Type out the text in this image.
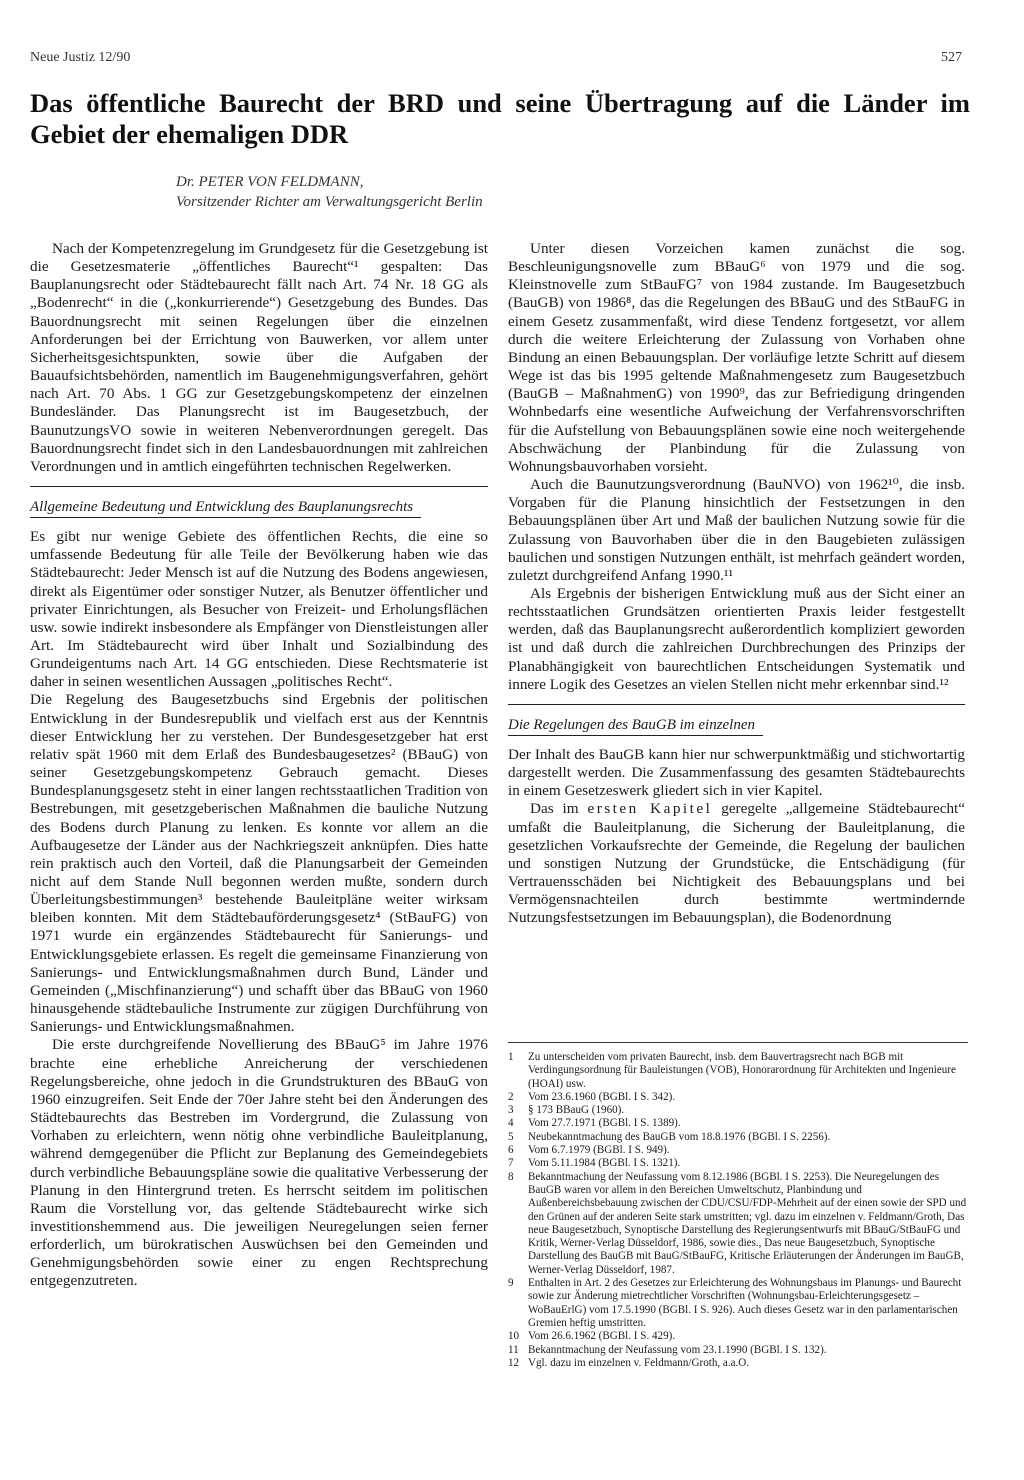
Neue Justiz 12/90	527
Das öffentliche Baurecht der BRD und seine Übertragung auf die Länder im Gebiet der ehemaligen DDR
Dr. PETER VON FELDMANN,
Vorsitzender Richter am Verwaltungsgericht Berlin

Nach der Kompetenzregelung im Grundgesetz für die Gesetzgebung ist die Gesetzesmaterie „öffentliches Baurecht“¹ gespalten: Das Bauplanungsrecht oder Städtebaurecht fällt nach Art. 74 Nr. 18 GG als „Bodenrecht“ in die („konkurrierende“) Gesetzgebung des Bundes. Das Bauordnungsrecht mit seinen Regelungen über die einzelnen Anforderungen bei der Errichtung von Bauwerken, vor allem unter Sicherheitsgesichtspunkten, sowie über die Aufgaben der Bauaufsichtsbehörden, namentlich im Baugenehmigungsverfahren, gehört nach Art. 70 Abs. 1 GG zur Gesetzgebungskompetenz der einzelnen Bundesländer. Das Planungsrecht ist im Baugesetzbuch, der BaunutzungsVO sowie in weiteren Nebenverordnungen geregelt. Das Bauordnungsrecht findet sich in den Landesbauordnungen mit zahlreichen Verordnungen und in amtlich eingeführten technischen Regelwerken.

Allgemeine Bedeutung und Entwicklung des Bauplanungsrechts

Es gibt nur wenige Gebiete des öffentlichen Rechts, die eine so umfassende Bedeutung für alle Teile der Bevölkerung haben wie das Städtebaurecht: Jeder Mensch ist auf die Nutzung des Bodens angewiesen, direkt als Eigentümer oder sonstiger Nutzer, als Benutzer öffentlicher und privater Einrichtungen, als Besucher von Freizeit- und Erholungsflächen usw. sowie indirekt insbesondere als Empfänger von Dienstleistungen aller Art. Im Städtebaurecht wird über Inhalt und Sozialbindung des Grundeigentums nach Art. 14 GG entschieden. Diese Rechtsmaterie ist daher in seinen wesentlichen Aussagen „politisches Recht“.

Die Regelung des Baugesetzbuchs sind Ergebnis der politischen Entwicklung in der Bundesrepublik und vielfach erst aus der Kenntnis dieser Entwicklung her zu verstehen. Der Bundesgesetzgeber hat erst relativ spät 1960 mit dem Erlaß des Bundesbaugesetzes² (BBauG) von seiner Gesetzgebungskompetenz Gebrauch gemacht. Dieses Bundesplanungsgesetz steht in einer langen rechtsstaatlichen Tradition von Bestrebungen, mit gesetzgeberischen Maßnahmen die bauliche Nutzung des Bodens durch Planung zu lenken. Es konnte vor allem an die Aufbaugesetze der Länder aus der Nachkriegszeit anknüpfen. Dies hatte rein praktisch auch den Vorteil, daß die Planungsarbeit der Gemeinden nicht auf dem Stande Null begonnen werden mußte, sondern durch Überleitungsbestimmungen³ bestehende Bauleitpläne weiter wirksam bleiben konnten. Mit dem Städtebauförderungsgesetz⁴ (StBauFG) von 1971 wurde ein ergänzendes Städtebaurecht für Sanierungs- und Entwicklungsgebiete erlassen. Es regelt die gemeinsame Finanzierung von Sanierungs- und Entwicklungsmaßnahmen durch Bund, Länder und Gemeinden („Mischfinanzierung“) und schafft über das BBauG von 1960 hinausgehende städtebauliche Instrumente zur zügigen Durchführung von Sanierungs- und Entwicklungsmaßnahmen.

Die erste durchgreifende Novellierung des BBauG⁵ im Jahre 1976 brachte eine erhebliche Anreicherung der verschiedenen Regelungsbereiche, ohne jedoch in die Grundstrukturen des BBauG von 1960 einzugreifen. Seit Ende der 70er Jahre steht bei den Änderungen des Städtebaurechts das Bestreben im Vordergrund, die Zulassung von Vorhaben zu erleichtern, wenn nötig ohne verbindliche Bauleitplanung, während demgegenüber die Pflicht zur Beplanung des Gemeindegebiets durch verbindliche Bebauungspläne sowie die qualitative Verbesserung der Planung in den Hintergrund treten. Es herrscht seitdem im politischen Raum die Vorstellung vor, das geltende Städtebaurecht wirke sich investitionshemmend aus. Die jeweiligen Neuregelungen seien ferner erforderlich, um bürokratischen Auswüchsen bei den Gemeinden und Genehmigungsbehörden sowie einer zu engen Rechtsprechung entgegenzutreten.

Unter diesen Vorzeichen kamen zunächst die sog. Beschleunigungsnovelle zum BBauG⁶ von 1979 und die sog. Kleinstnovelle zum StBauFG⁷ von 1984 zustande. Im Baugesetzbuch (BauGB) von 1986⁸, das die Regelungen des BBauG und des StBauFG in einem Gesetz zusammenfaßt, wird diese Tendenz fortgesetzt, vor allem durch die weitere Erleichterung der Zulassung von Vorhaben ohne Bindung an einen Bebauungsplan. Der vorläufige letzte Schritt auf diesem Wege ist das bis 1995 geltende Maßnahmengesetz zum Baugesetzbuch (BauGB – MaßnahmenG) von 1990⁹, das zur Befriedigung dringenden Wohnbedarfs eine wesentliche Aufweichung der Verfahrensvorschriften für die Aufstellung von Bebauungsplänen sowie eine noch weitergehende Abschwächung der Planbindung für die Zulassung von Wohnungsbauvorhaben vorsieht.

Auch die Baunutzungsverordnung (BauNVO) von 1962¹⁰, die insb. Vorgaben für die Planung hinsichtlich der Festsetzungen in den Bebauungsplänen über Art und Maß der baulichen Nutzung sowie für die Zulassung von Bauvorhaben über die in den Baugebieten zulässigen baulichen und sonstigen Nutzungen enthält, ist mehrfach geändert worden, zuletzt durchgreifend Anfang 1990.¹¹

Als Ergebnis der bisherigen Entwicklung muß aus der Sicht einer an rechtsstaatlichen Grundsätzen orientierten Praxis leider festgestellt werden, daß das Bauplanungsrecht außerordentlich kompliziert geworden ist und daß durch die zahlreichen Durchbrechungen des Prinzips der Planabhängigkeit von baurechtlichen Entscheidungen Systematik und innere Logik des Gesetzes an vielen Stellen nicht mehr erkennbar sind.¹²

Die Regelungen des BauGB im einzelnen

Der Inhalt des BauGB kann hier nur schwerpunktmäßig und stichwortartig dargestellt werden. Die Zusammenfassung des gesamten Städtebaurechts in einem Gesetzeswerk gliedert sich in vier Kapitel.

Das im ersten Kapitel geregelte „allgemeine Städtebaurecht“ umfaßt die Bauleitplanung, die Sicherung der Bauleitplanung, die gesetzlichen Vorkaufsrechte der Gemeinde, die Regelung der baulichen und sonstigen Nutzung der Grundstücke, die Entschädigung (für Vertrauensschäden bei Nichtigkeit des Bebauungsplans und bei Vermögensnachteilen durch bestimmte wertmindernde Nutzungsfestsetzungen im Bebauungsplan), die Bodenordnung

1	Zu unterscheiden vom privaten Baurecht, insb. dem Bauvertragsrecht nach BGB mit Verdingungsordnung für Bauleistungen (VOB), Honorarordnung für Architekten und Ingenieure (HOAI) usw.
2	Vom 23.6.1960 (BGBl. I S. 342).
3	§ 173 BBauG (1960).
4	Vom 27.7.1971 (BGBl. I S. 1389).
5	Neubekanntmachung des BauGB vom 18.8.1976 (BGBl. I S. 2256).
6	Vom 6.7.1979 (BGBl. I S. 949).
7	Vom 5.11.1984 (BGBl. I S. 1321).
8	Bekanntmachung der Neufassung vom 8.12.1986 (BGBl. I S. 2253). Die Neuregelungen des BauGB waren vor allem in den Bereichen Umweltschutz, Planbindung und Außenbereichsbebauung zwischen der CDU/CSU/FDP-Mehrheit auf der einen sowie der SPD und den Grünen auf der anderen Seite stark umstritten; vgl. dazu im einzelnen v. Feldmann/Groth, Das neue Baugesetzbuch, Synoptische Darstellung des Regierungsentwurfs mit BBauG/StBauFG und Kritik, Werner-Verlag Düsseldorf, 1986, sowie dies., Das neue Baugesetzbuch, Synoptische Darstellung des BauGB mit BauG/StBauFG, Kritische Erläuterungen der Änderungen im BauGB, Werner-Verlag Düsseldorf, 1987.
9	Enthalten in Art. 2 des Gesetzes zur Erleichterung des Wohnungsbaus im Planungs- und Baurecht sowie zur Änderung mietrechtlicher Vorschriften (Wohnungsbau-Erleichterungsgesetz – WoBauErlG) vom 17.5.1990 (BGBl. I S. 926). Auch dieses Gesetz war in den parlamentarischen Gremien heftig umstritten.
10 Vom 26.6.1962 (BGBl. I S. 429).
11 Bekanntmachung der Neufassung vom 23.1.1990 (BGBl. I S. 132).
12 Vgl. dazu im einzelnen v. Feldmann/Groth, a.a.O.
